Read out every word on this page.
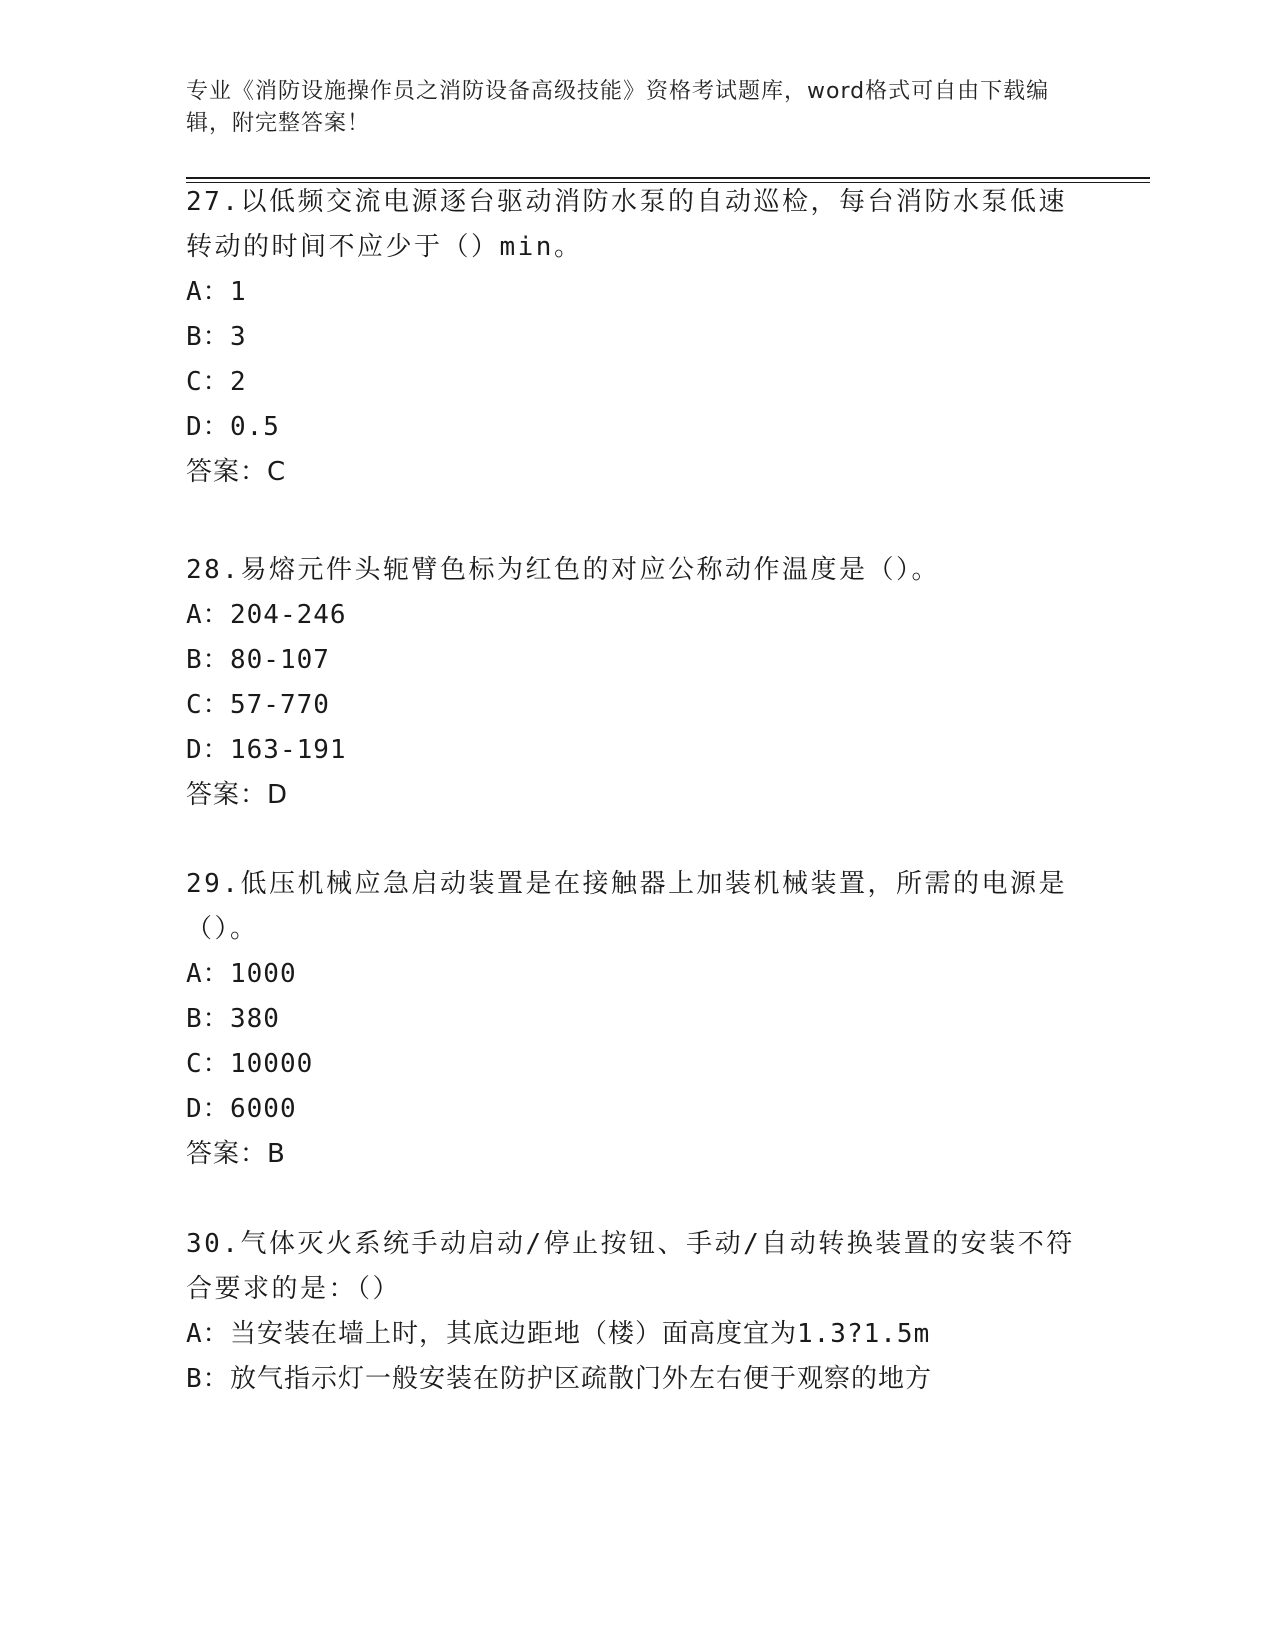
专业《消防设施操作员之消防设备高级技能》资格考试题库，word格式可自由下载编辑，附完整答案！
27.以低频交流电源逐台驱动消防水泵的自动巡检，每台消防水泵低速转动的时间不应少于（）min。
A：1
B：3
C：2
D：0.5
答案：C
28.易熔元件头轭臂色标为红色的对应公称动作温度是（）。
A：204-246
B：80-107
C：57-770
D：163-191
答案：D
29.低压机械应急启动装置是在接触器上加装机械装置，所需的电源是（）。
A：1000
B：380
C：10000
D：6000
答案：B
30.气体灭火系统手动启动/停止按钮、手动/自动转换装置的安装不符合要求的是：（）
A：当安装在墙上时，其底边距地（楼）面高度宜为1.3?1.5m
B：放气指示灯一般安装在防护区疏散门外左右便于观察的地方
